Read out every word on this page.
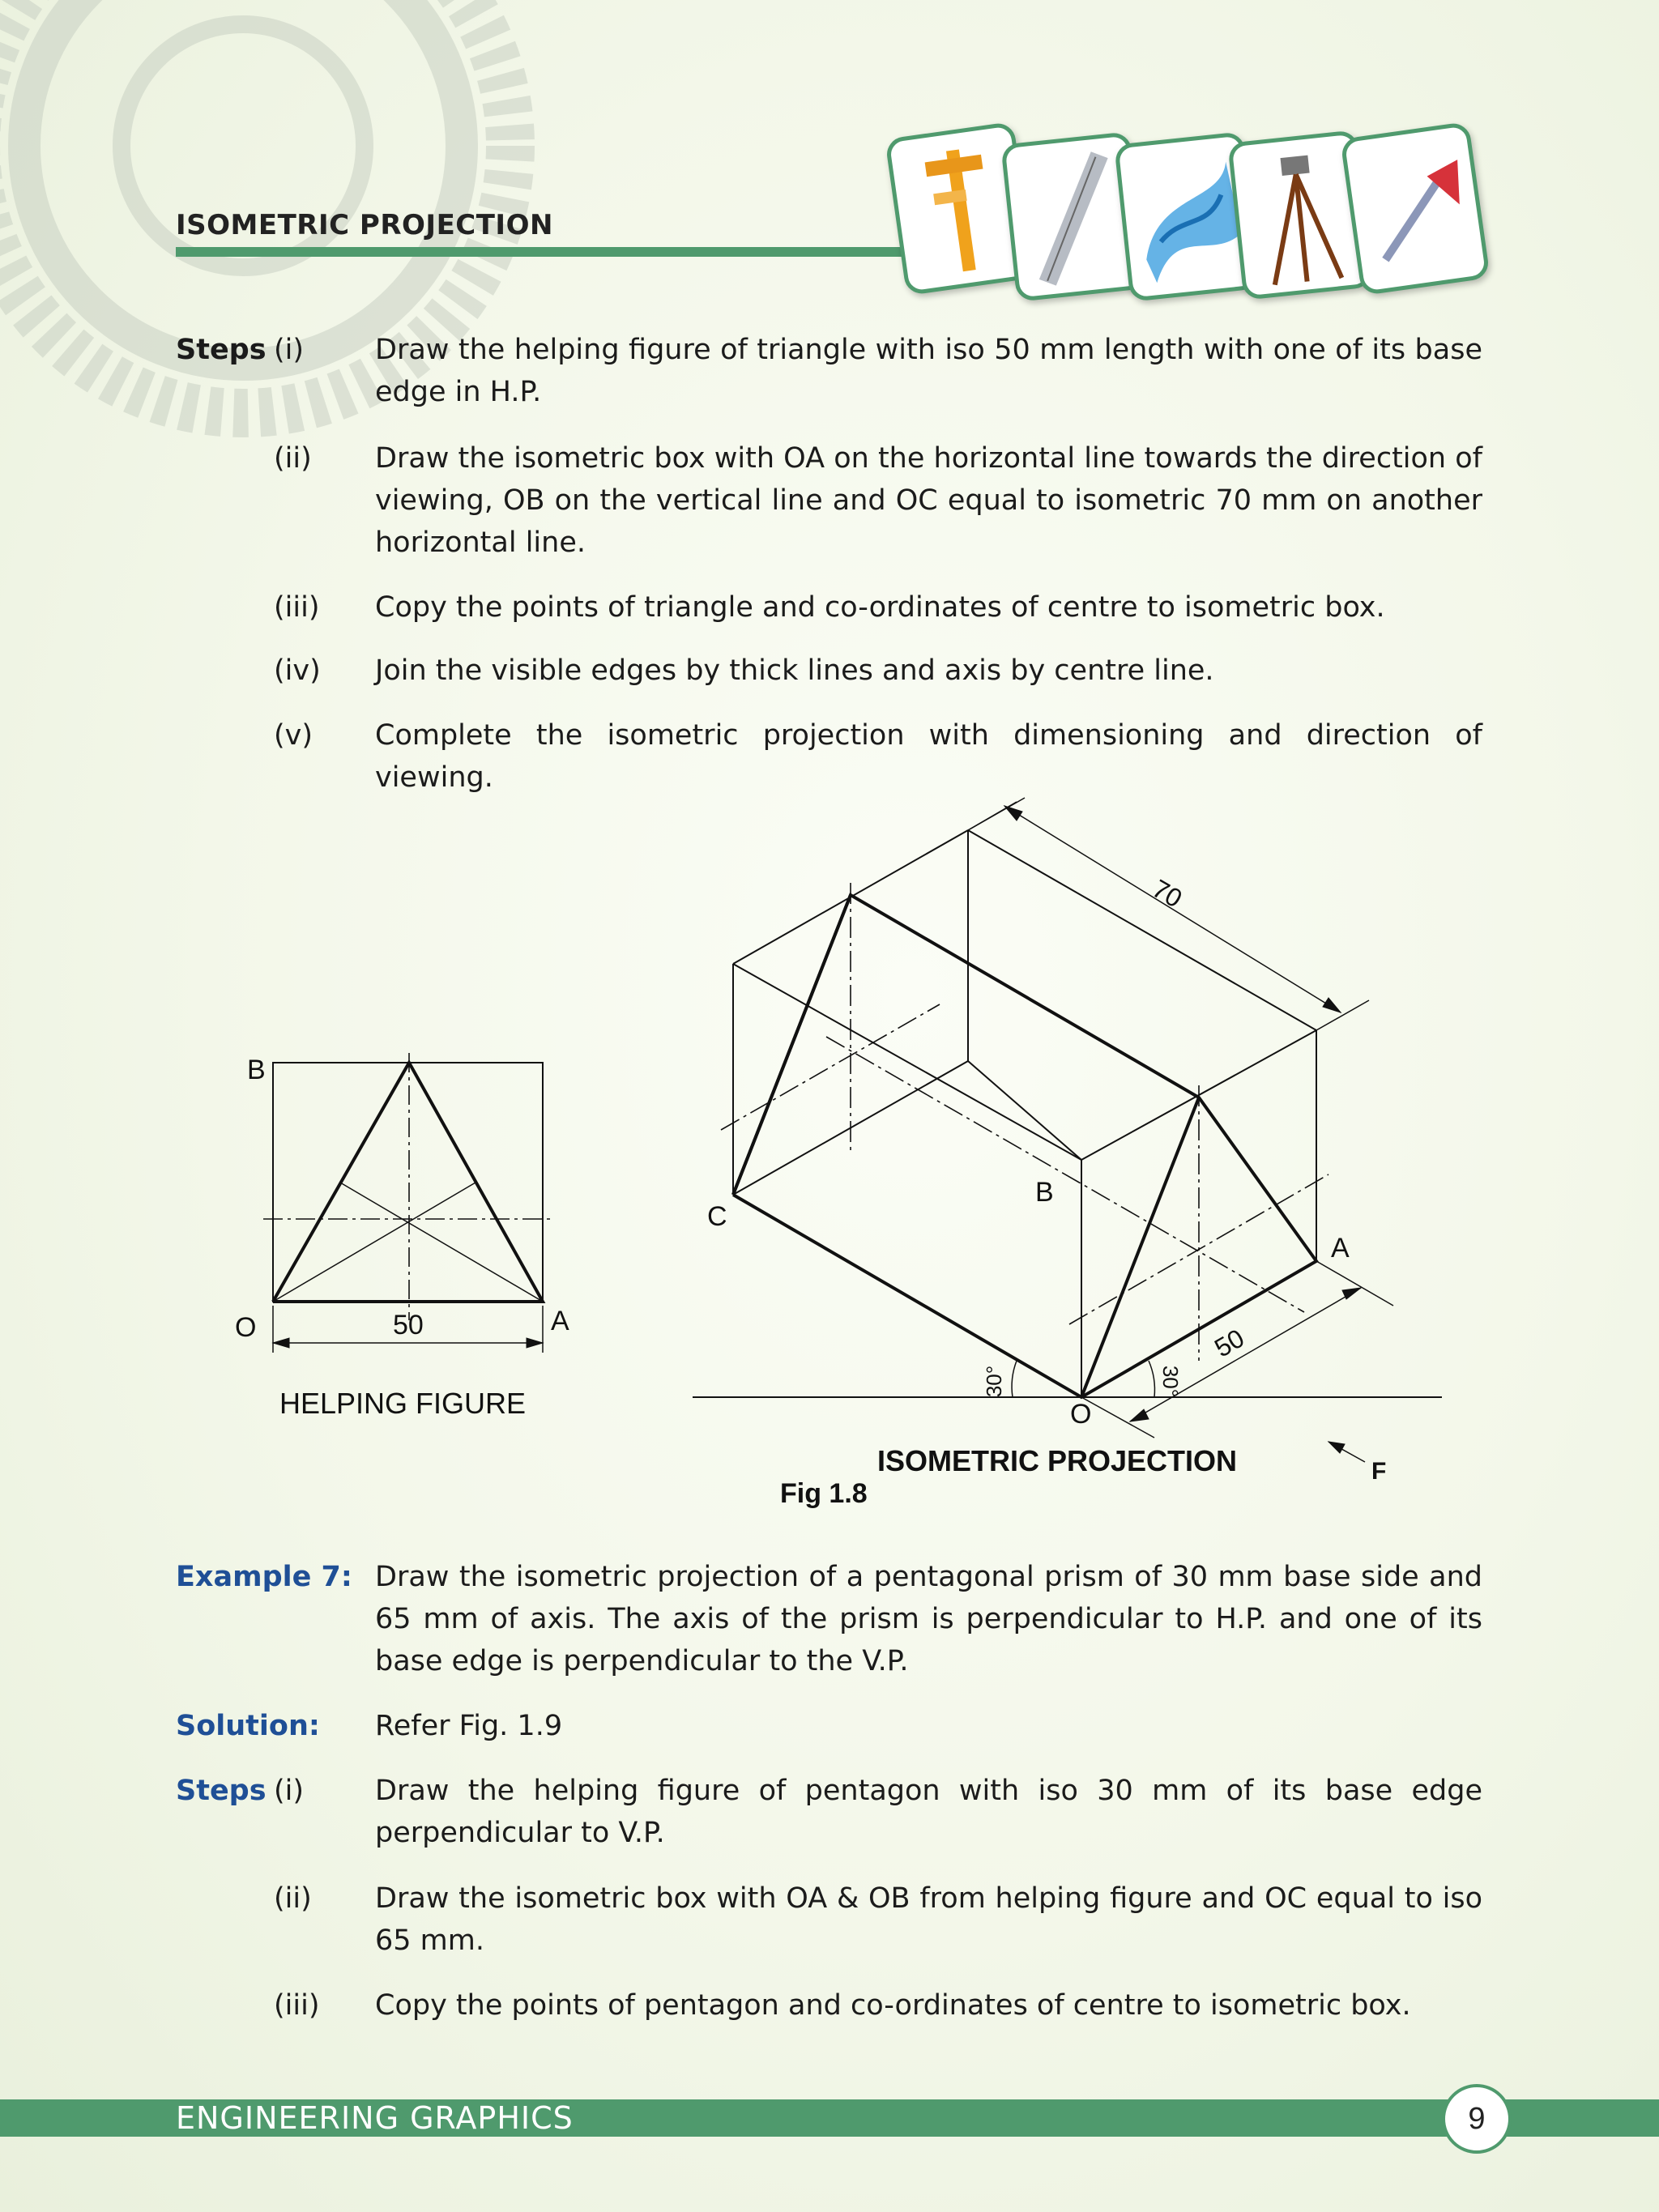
ISOMETRIC PROJECTION
Steps (i)	Draw the helping figure of triangle with iso 50 mm length with one of its base edge in H.P.
(ii) Draw the isometric box with OA on the horizontal line towards the direction of viewing, OB on the vertical line and OC equal to isometric 70 mm on another horizontal line.
(iii) Copy the points of triangle and co-ordinates of centre to isometric box.
(iv) Join the visible edges by thick lines and axis by centre line.
(v) Complete the isometric projection with dimensioning and direction of viewing.
B
O	A
50
HELPING FIGURE
C
B
A
O
F
70
50
30°	30°
ISOMETRIC PROJECTION
Fig 1.8
Example 7: Draw the isometric projection of a pentagonal prism of 30 mm base side and 65 mm of axis. The axis of the prism is perpendicular to H.P. and one of its base edge is perpendicular to the V.P.
Solution: Refer Fig. 1.9
Steps (i)	Draw the helping figure of pentagon with iso 30 mm of its base edge perpendicular to V.P.
(ii) Draw the isometric box with OA & OB from helping figure and OC equal to iso 65 mm.
(iii) Copy the points of pentagon and co-ordinates of centre to isometric box.
ENGINEERING GRAPHICS	9
